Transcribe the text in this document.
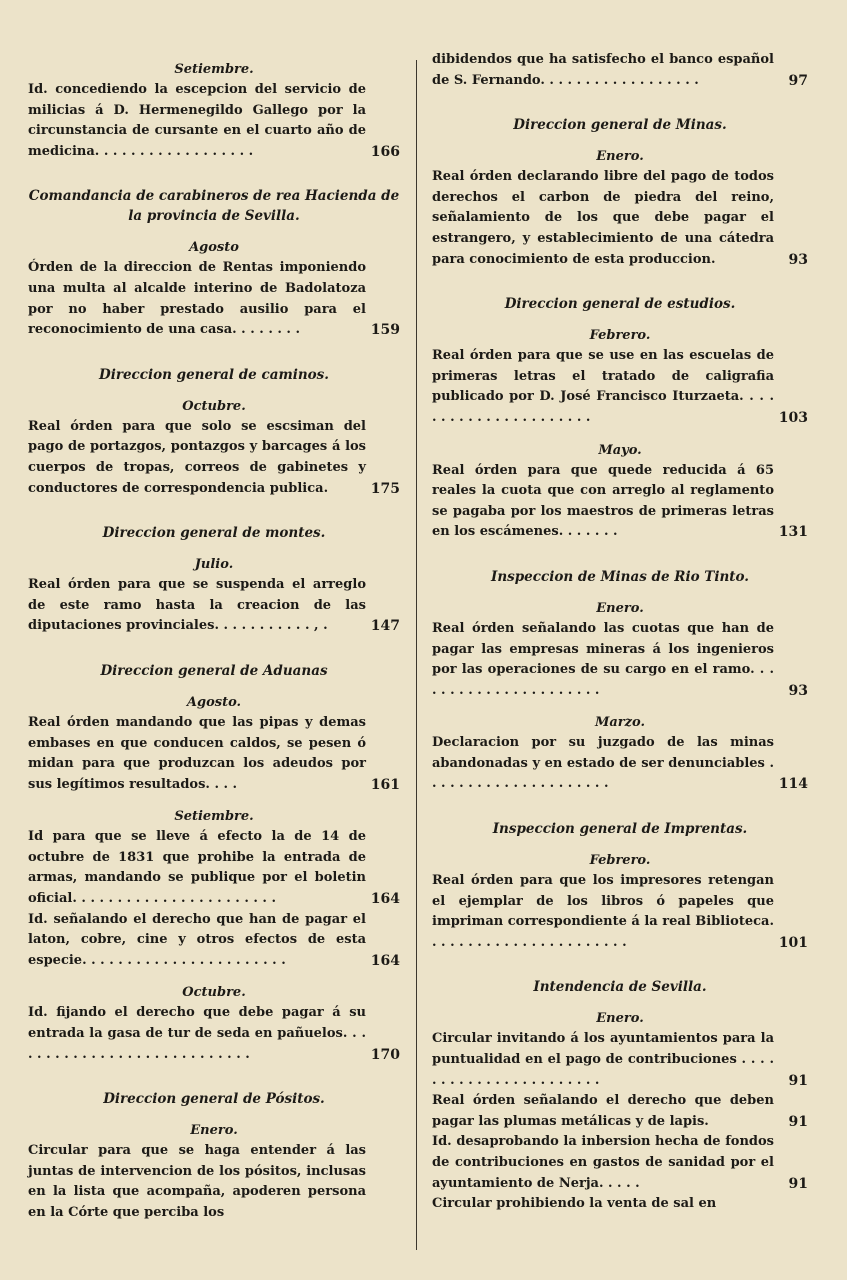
Setiembre.
Id. concediendo la escepcion del servicio de milicias á D. Hermenegildo Gallego por la circunstancia de cursante en el cuarto año de medicina. . . . . . . . . . . . . . . . . .	166

Comandancia de carabineros de rea Hacienda de la provincia de Sevilla.

Agosto
Órden de la direccion de Rentas imponiendo una multa al alcalde interino de Badolatoza por no haber prestado ausilio para el reconocimiento de una casa. . . . . . . .	159

Direccion general de caminos.

Octubre.
Real órden para que solo se escsiman del pago de portazgos, pontazgos y barcages á los cuerpos de tropas, correos de gabinetes y conductores de correspondencia publica.	175

Direccion general de montes.

Julio.
Real órden para que se suspenda el arreglo de este ramo hasta la creacion de las diputaciones provinciales. . . . . . . . . . . , .	147

Direccion general de Aduanas

Agosto.
Real órden mandando que las pipas y demas embases en que conducen caldos, se pesen ó midan para que produzcan los adeudos por sus legítimos resultados. . . .	161
Setiembre.
Id para que se lleve á efecto la de 14 de octubre de 1831 que prohibe la entrada de armas, mandando se publique por el boletin oficial. . . . . . . . . . . . . . . . . . . . . . .	164
Id. señalando el derecho que han de pagar el laton, cobre, cine y otros efectos de esta especie. . . . . . . . . . . . . . . . . . . . . . .	164
Octubre.
Id. fijando el derecho que debe pagar á su entrada la gasa de tur de seda en pañuelos. . . . . . . . . . . . . . . . . . . . . . . . . . . .	170

Direccion general de Pósitos.

Enero.
Circular para que se haga entender á las juntas de intervencion de los pósitos, inclusas en la lista que acompaña, apoderen persona en la Córte que perciba los
dibidendos que ha satisfecho el banco español de S. Fernando. . . . . . . . . . . . . . . . . .	97

Direccion general de Minas.

Enero.
Real órden declarando libre del pago de todos derechos el carbon de piedra del reino, señalamiento de los que debe pagar el estrangero, y establecimiento de una cátedra para conocimiento de esta produccion.	93

Direccion general de estudios.

Febrero.
Real órden para que se use en las escuelas de primeras letras el tratado de caligrafia publicado por D. José Francisco Iturzaeta. . . . . . . . . . . . . . . . . . . . . .	103
Mayo.
Real órden para que quede reducida á 65 reales la cuota que con arreglo al reglamento se pagaba por los maestros de primeras letras en los escámenes. . . . . . .	131

Inspeccion de Minas de Rio Tinto.

Enero.
Real órden señalando las cuotas que han de pagar las empresas mineras á los ingenieros por las operaciones de su cargo en el ramo. . . . . . . . . . . . . . . . . . . . . .	93
Marzo.
Declaracion por su juzgado de las minas abandonadas y en estado de ser denunciables . . . . . . . . . . . . . . . . . . . . .	114

Inspeccion general de Imprentas.

Febrero.
Real órden para que los impresores retengan el ejemplar de los libros ó papeles que impriman correspondiente á la real Biblioteca. . . . . . . . . . . . . . . . . . . . . . .	101

Intendencia de Sevilla.

Enero.
Circular invitando á los ayuntamientos para la puntualidad en el pago de contribuciones . . . . . . . . . . . . . . . . . . . . . . .	91
Real órden señalando el derecho que deben pagar las plumas metálicas y de lapis.	91
Id. desaprobando la inbersion hecha de fondos de contribuciones en gastos de sanidad por el ayuntamiento de Nerja. . . . .	91
Circular prohibiendo la venta de sal en
